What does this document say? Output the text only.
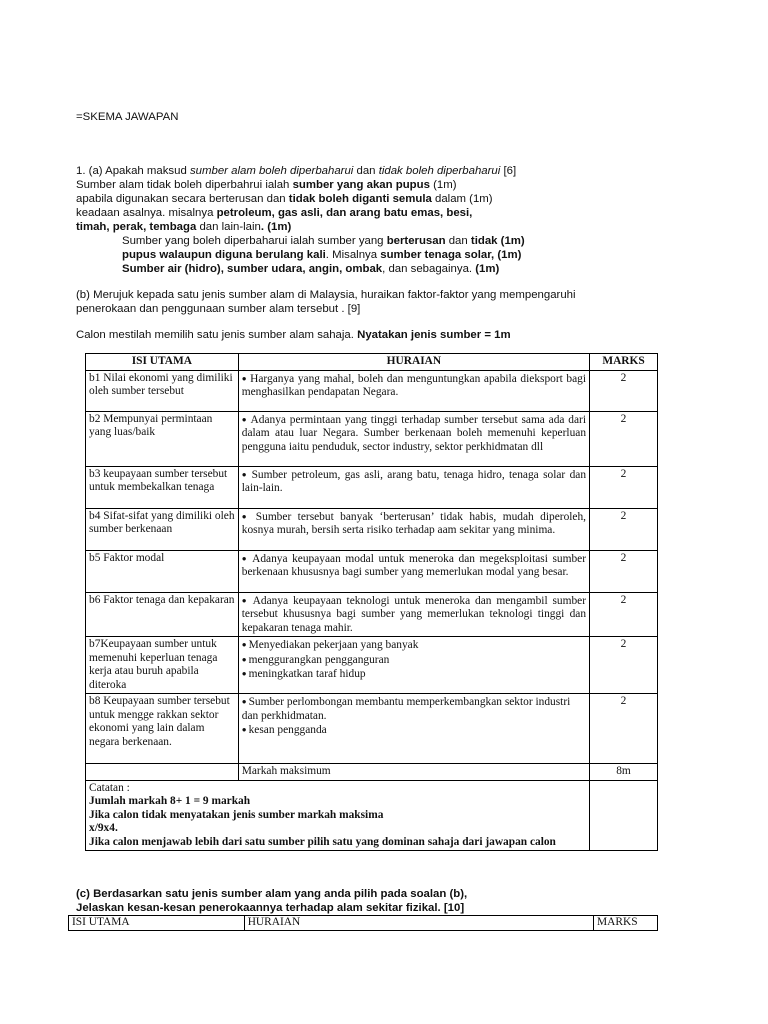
=SKEMA JAWAPAN
1. (a) Apakah maksud sumber alam boleh diperbaharui dan tidak boleh diperbaharui [6]
Sumber alam tidak boleh diperbahrui ialah sumber yang akan pupus (1m)
apabila digunakan secara berterusan dan tidak boleh diganti semula dalam (1m)
keadaan asalnya. misalnya petroleum, gas asli, dan arang batu emas, besi,
timah, perak, tembaga dan lain-lain. (1m)
Sumber yang boleh diperbaharui ialah sumber yang berterusan dan tidak (1m)
pupus walaupun diguna berulang kali. Misalnya sumber tenaga solar, (1m)
Sumber air (hidro), sumber udara, angin, ombak, dan sebagainya. (1m)
(b) Merujuk kepada satu jenis sumber alam di Malaysia, huraikan faktor-faktor yang mempengaruhi
penerokaan dan penggunaan sumber alam tersebut . [9]
Calon mestilah memilih satu jenis sumber alam sahaja. Nyatakan jenis sumber = 1m
ISI UTAMA	HURAIAN	MARKS
b1 Nilai ekonomi yang dimiliki oleh sumber tersebut	● Harganya yang mahal, boleh dan menguntungkan apabila dieksport bagi menghasilkan pendapatan Negara.	2
b2 Mempunyai permintaan yang luas/baik	● Adanya permintaan yang tinggi terhadap sumber tersebut sama ada dari dalam atau luar Negara. Sumber berkenaan boleh memenuhi keperluan pengguna iaitu penduduk, sector industry, sektor perkhidmatan dll	2
b3 keupayaan sumber tersebut untuk membekalkan tenaga	● Sumber petroleum, gas asli, arang batu, tenaga hidro, tenaga solar dan lain-lain.	2
b4 Sifat-sifat yang dimiliki oleh sumber berkenaan	● Sumber tersebut banyak ‘berterusan’ tidak habis, mudah diperoleh, kosnya murah, bersih serta risiko terhadap aam sekitar yang minima.	2
b5 Faktor modal	● Adanya keupayaan modal untuk meneroka dan megeksploitasi sumber berkenaan khususnya bagi sumber yang memerlukan modal yang besar.	2
b6 Faktor tenaga dan kepakaran	● Adanya keupayaan teknologi untuk meneroka dan mengambil sumber tersebut khususnya bagi sumber yang memerlukan teknologi tinggi dan kepakaran tenaga mahir.	2
b7Keupayaan sumber untuk memenuhi keperluan tenaga kerja atau buruh apabila diteroka	● Menyediakan pekerjaan yang banyak
● menggurangkan pengganguran
● meningkatkan taraf hidup	2
b8 Keupayaan sumber tersebut untuk mengge rakkan sektor ekonomi yang lain dalam negara berkenaan.	● Sumber perlombongan membantu memperkembangkan sektor industri dan perkhidmatan.
● kesan pengganda	2
	Markah maksimum	8m

Catatan :
Jumlah markah 8+ 1 = 9 markah
Jika calon tidak menyatakan jenis sumber markah maksima
x/9x4.
Jika calon menjawab lebih dari satu sumber pilih satu yang dominan sahaja dari jawapan calon		

(c) Berdasarkan satu jenis sumber alam yang anda pilih pada soalan (b),
Jelaskan kesan-kesan penerokaannya terhadap alam sekitar fizikal. [10]
ISI UTAMA	HURAIAN	MARKS
